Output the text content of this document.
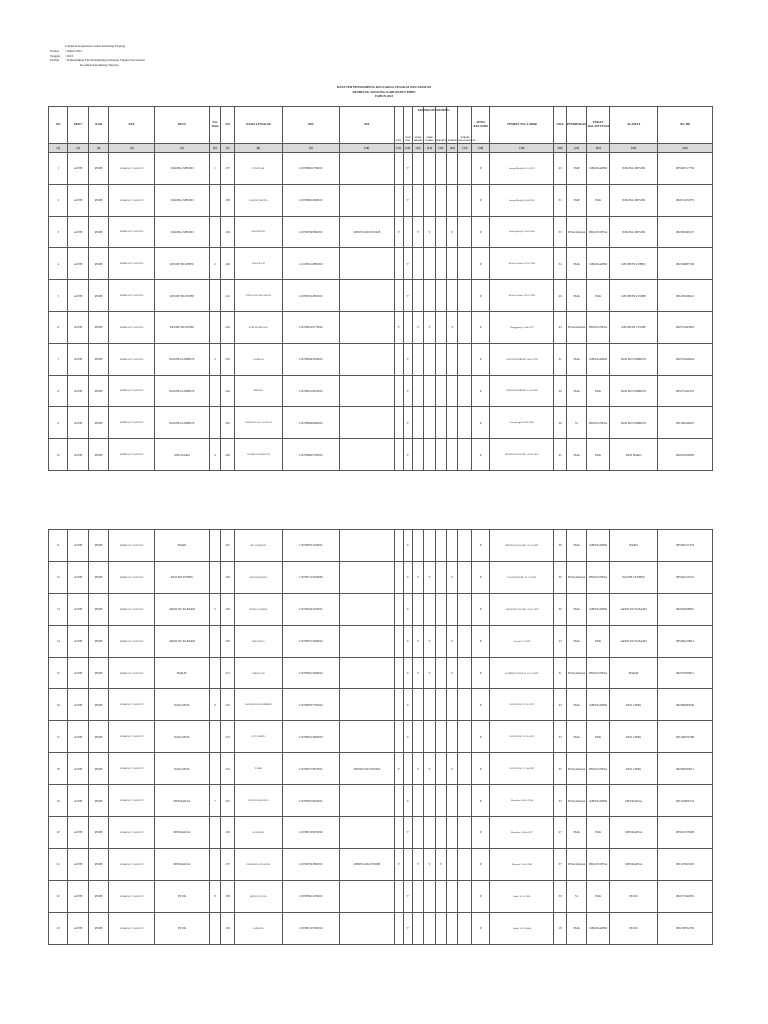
Lampiran Keputusan Camat Kembang Tanjong
Nomor	: Tahun 2023
Tanggal	: 2023
Perihal	: Pembentukan Tim Pendamping Keluarga Tingkat Kecamatan
Kecamatan Kembang Tanjong
DATA TIM PENDAMPING KELUARGA TINGKAT KECAMATAN
KEMBANG TANJONG KABUPATEN PIDIE
TAHUN 2023
NO	PROV	KAB	KEC	DESA	NO. Team	NO	NAMA LENGKAP	NIK	NIP	KRITERIA PENDAMPING
PNS	NON PNS	GURU MEDIS	GURU NAKES	PERAWAT	KADER	TOKOH MASYARAKAT	JENIS KELAMIN	TEMPAT TGL LAHIR	USIA	PENDIDIKAN	PERAN DALAM TEAM	ALAMAT	NO. HP
(1)	(2)	(3)	(4)	(5)	(6)	(7)	(8)	(9)	(10)	(11)	(12)	(13)	(14)	(15)	(16)	(17)	(18)	(19)	(20)	(21)	(22)	(23)	(24)
1	ACEH	PIDIE	KEMBANG TANJONG	JURONG MESJID	1	237	FITRIYANI	1107086612790001			V						P	Jurong Mesjid 06-12-1979	43	SMP	KPM/KADER	JURONG MESJID	085360517736
2	ACEH	PIDIE	KEMBANG TANJONG	JURONG MESJID		238	RAUDHA MUTIA	1107086612990001			V						P	Jurong Mesjid 26-09-1991	31	SMP	PKK	JURONG MESJID	082274231879
3	ACEH	PIDIE	KEMBANG TANJONG	JURONG MESJID		239	MAULIDINA	1107085305890001	199505132023272028	V		V	V		V		P	Jurong Mesjid 13-05-1989	33	D3 Kebidanan	BIDAN DESA	JURONG MESJID	082360496137
4	ACEH	PIDIE	KEMBANG TANJONG	KEUDE BI LEBEU	2	240	KHALILATI	1111085112880002			V						P	Keude bi lebeu 12-12-1988	34	SMA	KPM/KADER	KEUDE BI LEBEU	082340987549
5	ACEH	PIDIE	KEMBANG TANJONG	KEUDE BI LEUBE		241	ANITA ZAHARA MAULI	1107085912830001			V						P	Keude bi lebeu 19-12-1983	40	SMA	PKK	KEUDE BI LEUBE	081265026041
6	ACEH	PIDIE	KEMBANG TANJONG	KEUDE BI LEUBE		242	YENI MARDIANA	1107086104770002		V		V	V		V		P	Tringgadeng 21-04-1977	43	D3 Kebidanan	BIDAN DESA	KEUDE BI LEUBE	082370495983
7	ACEH	PIDIE	KEMBANG TANJONG	PASI BULUHREUE	3	243	SARIDAH	1107086401930001			V						P	PASI BULUHREUE 24-01-1993	31	SMA	KPM/KADER	PASI BULUHREUE	082276449644
8	ACEH	PIDIE	KEMBANG TANJONG	PASI BULUHREUE		244	MIRAWA	1107084510950001			V						P	PASI BULUHREUE 05-10-1995	29	SMA	PKK	PASI BULUHREUE	085375421833
9	ACEH	PIDIE	KEMBANG TANJONG	PASI BULUHREUE		245	NURAIDA PACAGARAH	1107086909980001			V						P	Pasi meugat 29-09-1998	26	S1	BIDAN DESA	PASI BULUHREUE	081396426691
10	ACEH	PIDIE	KEMBANG TANJONG	MNS BARO	4	246	SYARIFAH SOFRIATI	1107086603780001			V						P	MEUNASAH BARO, 26-03-1978	45	SMA	PKK	MNS BARO	082263350683
11	ACEH	PIDIE	KEMBANG TANJONG	BARO		247	IDA ZAKIRAH	1107086311920001			V						P	MEUNASAH BARO, 23-11-1992	39	SMA	KPM/KADER	BARO	085360417479
12	ACEH	PIDIE	KEMBANG TANJONG	PASI BI LEUBEU		248	MARHAMAHNA	1107087112920009			V	V	V		V		P	PASI BI LEUBE, 31-12-1992	30	D3 Kebidanan	BIDAN DESA	PASI BI LEUBEU	085262129153
13	ACEH	PIDIE	KEMBANG TANJONG	ARON KUTA BARO	5	249	NURUL HAKIKE	1107084201920001			V						P	ARON KUTA BARO, 02-01-1992	30	SMA	KPM/KADER	ARON KUTA BARO	082282028891
14	ACEH	PIDIE	KEMBANG TANJONG	ARON KUTA BARO		250	BURAYINA	1107080712990002			V	V	V		V		P	Aron 07-12-1999	23	SMA	PKK	ARON KUTA BARO	085260219814
15	ACEH	PIDIE	KEMBANG TANJONG	BARAT		251	NURHAJAR	1107085612990002			V	V	V		V		P	KAMPUNG BARAT, 16-12-1999	31	D3 Kebidanan	BIDAN DESA	BARAT	082370630651
16	ACEH	PIDIE	KEMBANG TANJONG	PASI LHOK	6	252	MARDIAH SAGRIMMISI	1107086507790002			V						P	PASI LHOK, 25-07-1979	43	SMA	KPM/KADER	PASI LHOK	082368465949
17	ACEH	PIDIE	KEMBANG TANJONG	PASI LHOK		253	AYU ASPIDA	1107086513990003			V						P	PASI LHOK, 25-05-1991	33	SMA	PKK	PASI LHOK	081266076188
18	ACEH	PIDIE	KEMBANG TANJONG	PASI LHOK		254	YASMI	1107085710870001	199706172017052004	V		V	V		V		P	PASI LHOK, 17-04-1987	35	D3 Kebidanan	BIDAN DESA	PASI LHOK	082360630613
19	ACEH	PIDIE	KEMBANG TANJONG	MEURAKSA	7	255	ISTIANI SHALEHA	1107085016940001			V						P	Meuraksa, 20-03-1994	33	D3 Kebidanan	KPM/KADER	MEURAKSA	081344906153
20	ACEH	PIDIE	KEMBANG TANJONG	MEURAKSA		256	SOHAZIM	1107085103950002			V						P	Meuraksa, 30-04-1997	27	SMA	PKK	MEURAKSA	083310478398
21	ACEH	PIDIE	KEMBANG TANJONG	MEURAKSA		257	NURMAIDA HASNAH	1107085501890001	198903112021702088	V		V	V	V			P	Meurasi, 13-01-1989	37	D3 Kebidanan	BIDAN DESA	MEURAKSA	081347620195
22	ACEH	PIDIE	KEMBANG TANJONG	PUUK	8	258	MUSNA YANZA	1107085611030001			V						P	Puuk, 16-11-1983	39	S1	PKK	PUUK	082273342081
23	ACEH	PIDIE	KEMBANG TANJONG	PUUK		259	SARWIYA	1107081107000010			V						P	Pusuk, 21-12-0004	18	SMA	KPM/KADER	PUUK	081238762239
